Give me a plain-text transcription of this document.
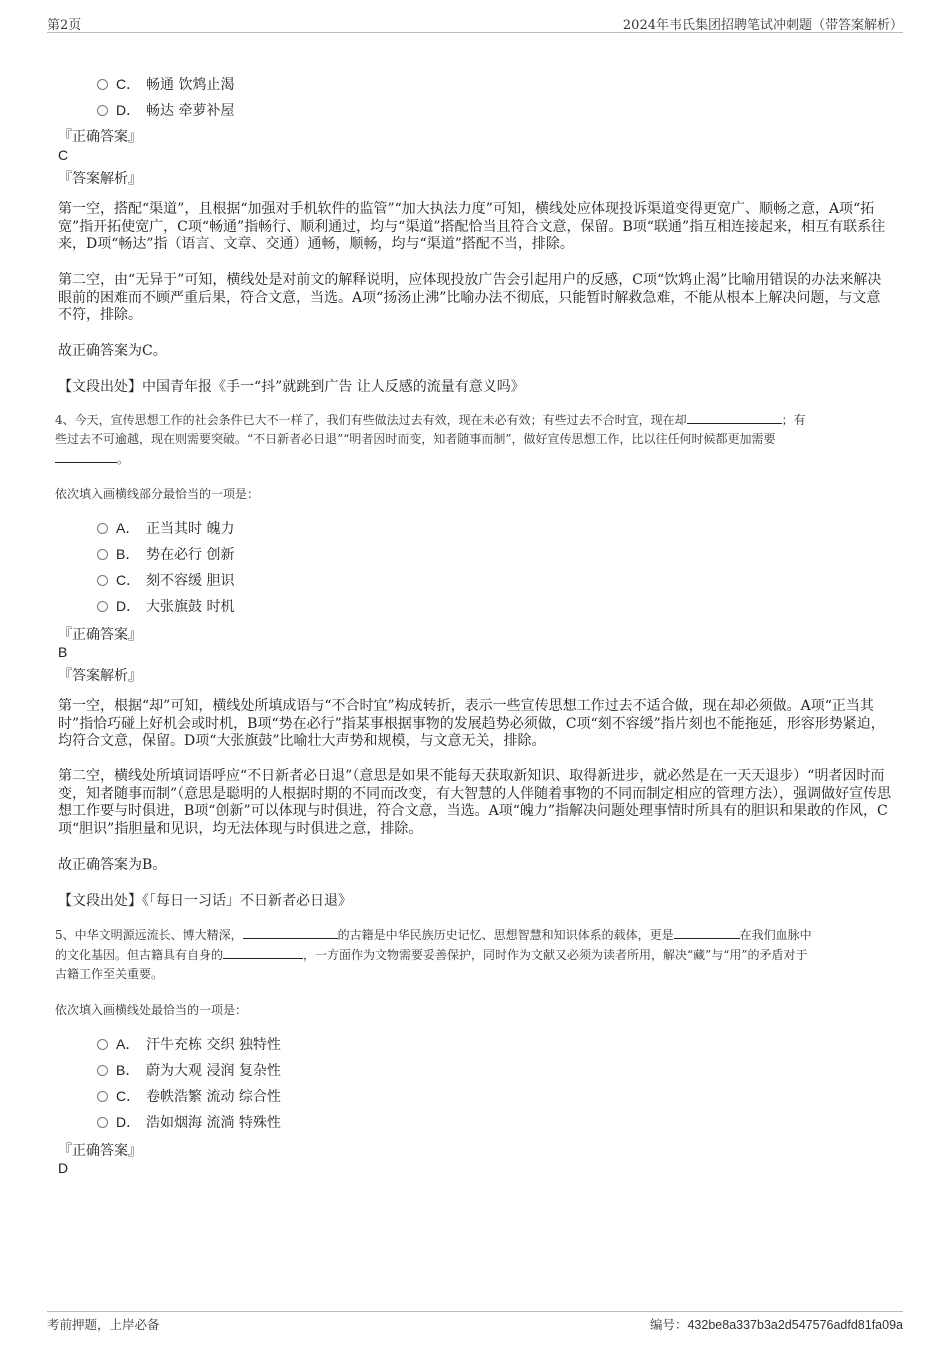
第2页	2024年韦氏集团招聘笔试冲刺题（带答案解析）
C． 畅通 饮鸩止渴
D． 畅达 牵萝补屋
『正确答案』
C
『答案解析』
第一空，搭配“渠道”，且根据“加强对手机软件的监管”“加大执法力度”可知，横线处应体现投诉渠道变得更宽广、顺畅之意，A项“拓宽”指开拓使宽广，C项“畅通”指畅行、顺利通过，均与“渠道”搭配恰当且符合文意，保留。B项“联通”指互相连接起来，相互有联系往来，D项“畅达”指（语言、文章、交通）通畅，顺畅，均与“渠道”搭配不当，排除。
第二空，由“无异于”可知，横线处是对前文的解释说明，应体现投放广告会引起用户的反感，C项“饮鸩止渴”比喻用错误的办法来解决眼前的困难而不顾严重后果，符合文意，当选。A项“扬汤止沸”比喻办法不彻底，只能暂时解救急难，不能从根本上解决问题，与文意不符，排除。
故正确答案为C。
【文段出处】中国青年报《手一“抖”就跳到广告 让人反感的流量有意义吗》
4、今天，宣传思想工作的社会条件已大不一样了，我们有些做法过去有效，现在未必有效；有些过去不合时宜，现在却	；有
些过去不可逾越，现在则需要突破。“不日新者必日退”“明者因时而变，知者随事而制”，做好宣传思想工作，比以往任何时候都更加需要
。
依次填入画横线部分最恰当的一项是：
A． 正当其时 魄力
B． 势在必行 创新
C． 刻不容缓 胆识
D． 大张旗鼓 时机
『正确答案』
B
『答案解析』
第一空，根据“却”可知，横线处所填成语与“不合时宜”构成转折，表示一些宣传思想工作过去不适合做，现在却必须做。A项“正当其时”指恰巧碰上好机会或时机，B项“势在必行”指某事根据事物的发展趋势必须做，C项“刻不容缓”指片刻也不能拖延，形容形势紧迫，均符合文意，保留。D项“大张旗鼓”比喻壮大声势和规模，与文意无关，排除。
第二空，横线处所填词语呼应“不日新者必日退”（意思是如果不能每天获取新知识、取得新进步，就必然是在一天天退步）“明者因时而变，知者随事而制”（意思是聪明的人根据时期的不同而改变，有大智慧的人伴随着事物的不同而制定相应的管理方法），强调做好宣传思想工作要与时俱进，B项“创新”可以体现与时俱进，符合文意，当选。A项“魄力”指解决问题处理事情时所具有的胆识和果敢的作风，C项“胆识”指胆量和见识，均无法体现与时俱进之意，排除。
故正确答案为B。
【文段出处】《「每日一习话」不日新者必日退》
5、中华文明源远流长、博大精深，	的古籍是中华民族历史记忆、思想智慧和知识体系的载体，更是	在我们血脉中
的文化基因。但古籍具有自身的	，一方面作为文物需要妥善保护，同时作为文献又必须为读者所用，解决“藏”与“用”的矛盾对于
古籍工作至关重要。
依次填入画横线处最恰当的一项是：
A． 汗牛充栋 交织 独特性
B． 蔚为大观 浸润 复杂性
C． 卷帙浩繁 流动 综合性
D． 浩如烟海 流淌 特殊性
『正确答案』
D
考前押题，上岸必备	编号：432be8a337b3a2d547576adfd81fa09a
